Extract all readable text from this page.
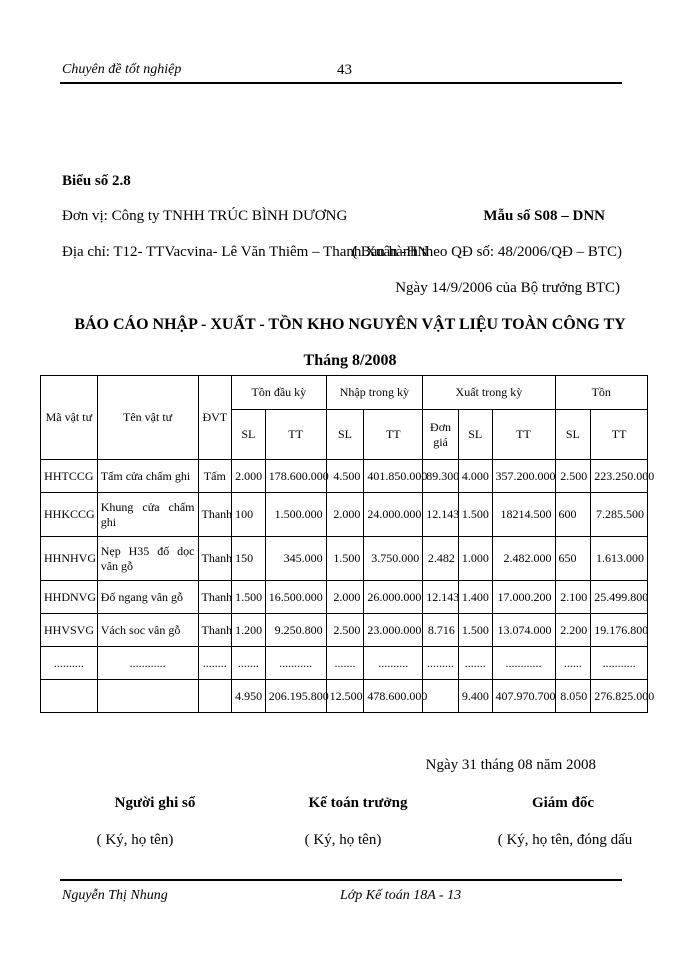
Chuyên đề tốt nghiệp	43
Biểu số 2.8
Đơn vị: Công ty TNHH TRÚC BÌNH DƯƠNG
Địa chỉ: T12- TTVacvina- Lê Văn Thiêm – Thanh Xuân -HN
Mẫu số S08 – DNN
( Ban hành theo QĐ số: 48/2006/QĐ – BTC)
Ngày 14/9/2006 của Bộ trưởng BTC)
BÁO CÁO NHẬP - XUẤT - TỒN KHO NGUYÊN VẬT LIỆU TOÀN CÔNG TY
Tháng 8/2008
Mã vật tư	Tên vật tư	ĐVT	Tồn đầu kỳ		Nhập trong kỳ		Xuất trong kỳ			Tồn	
			SL	TT	SL	TT	Đơn giá	SL	TT	SL	TT
HHTCCG	Tấm cửa chấm ghi	Tấm	2.000	178.600.000	4.500	401.850.000	89.300	4.000	357.200.000	2.500	223.250.000
HHKCCG	Khung cửa chấm ghi	Thanh	100	1.500.000	2.000	24.000.000	12.143	1.500	18214.500	600	7.285.500
HHNHVG	Nẹp H35 đố dọc vân gỗ	Thanh	150	345.000	1.500	3.750.000	2.482	1.000	2.482.000	650	1.613.000
HHDNVG	Đố ngang vân gỗ	Thanh	1.500	16.500.000	2.000	26.000.000	12.143	1.400	17.000.200	2.100	25.499.800
HHVSVG	Vách soc vân gỗ	Thanh	1.200	9.250.800	2.500	23.000.000	8.716	1.500	13.074.000	2.200	19.176.800
..........	............	........	.......	...........	.......	..........	.........	.......	............	......	...........
			4.950	206.195.800	12.500	478.600.000		9.400	407.970.700	8.050	276.825.000
Ngày 31 tháng 08 năm 2008
Người ghi sổ	Kế toán trưởng	Giám đốc
( Ký, họ tên)	( Ký, họ tên)	( Ký, họ tên, đóng dấu
Nguyễn Thị Nhung	Lớp Kế toán 18A - 13
